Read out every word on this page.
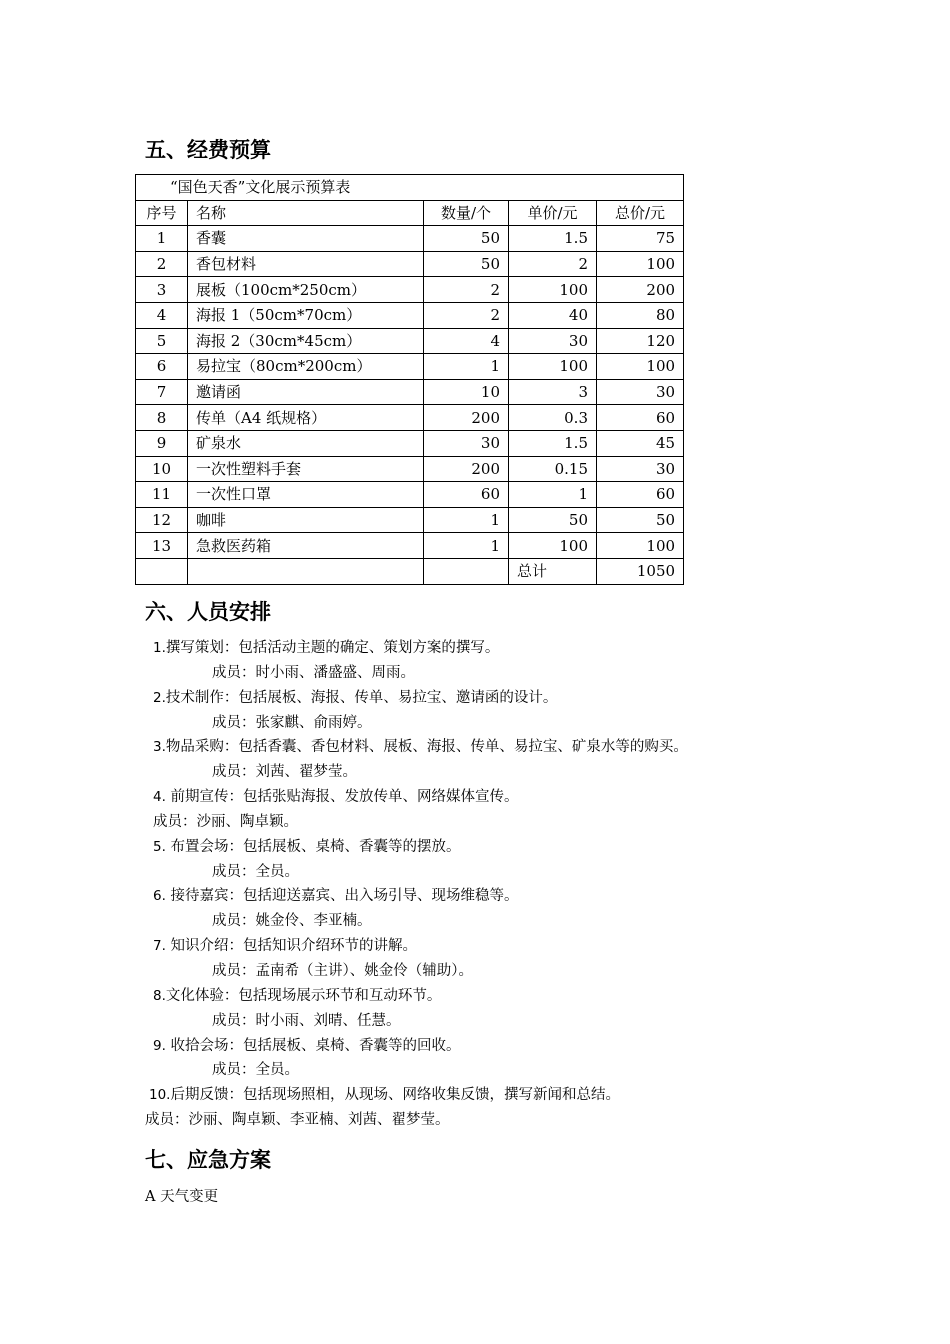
五、经费预算
“国色天香”文化展示预算表				
序号	名称	数量/个	单价/元	总价/元
1	香囊	50	1.5	75
2	香包材料	50	2	100
3	展板（100cm*250cm）	2	100	200
4	海报 1（50cm*70cm）	2	40	80
5	海报 2（30cm*45cm）	4	30	120
6	易拉宝（80cm*200cm）	1	100	100
7	邀请函	10	3	30
8	传单（A4 纸规格）	200	0.3	60
9	矿泉水	30	1.5	45
10	一次性塑料手套	200	0.15	30
11	一次性口罩	60	1	60
12	咖啡	1	50	50
13	急救医药箱	1	100	100
			总计	1050
六、人员安排
1.撰写策划：包括活动主题的确定、策划方案的撰写。
成员：时小雨、潘盛盛、周雨。
2.技术制作：包括展板、海报、传单、易拉宝、邀请函的设计。
成员：张家麒、俞雨婷。
3.物品采购：包括香囊、香包材料、展板、海报、传单、易拉宝、矿泉水等的购买。
成员：刘茜、翟梦莹。
4. 前期宣传：包括张贴海报、发放传单、网络媒体宣传。
成员：沙丽、陶卓颖。
5. 布置会场：包括展板、桌椅、香囊等的摆放。
成员：全员。
6. 接待嘉宾：包括迎送嘉宾、出入场引导、现场维稳等。
成员：姚金伶、李亚楠。
7. 知识介绍：包括知识介绍环节的讲解。
成员：孟南希（主讲）、姚金伶（辅助）。
8.文化体验：包括现场展示环节和互动环节。
成员：时小雨、刘晴、任慧。
9. 收拾会场：包括展板、桌椅、香囊等的回收。
成员：全员。
10.后期反馈：包括现场照相，从现场、网络收集反馈，撰写新闻和总结。
成员：沙丽、陶卓颖、李亚楠、刘茜、翟梦莹。
七、应急方案
A 天气变更
